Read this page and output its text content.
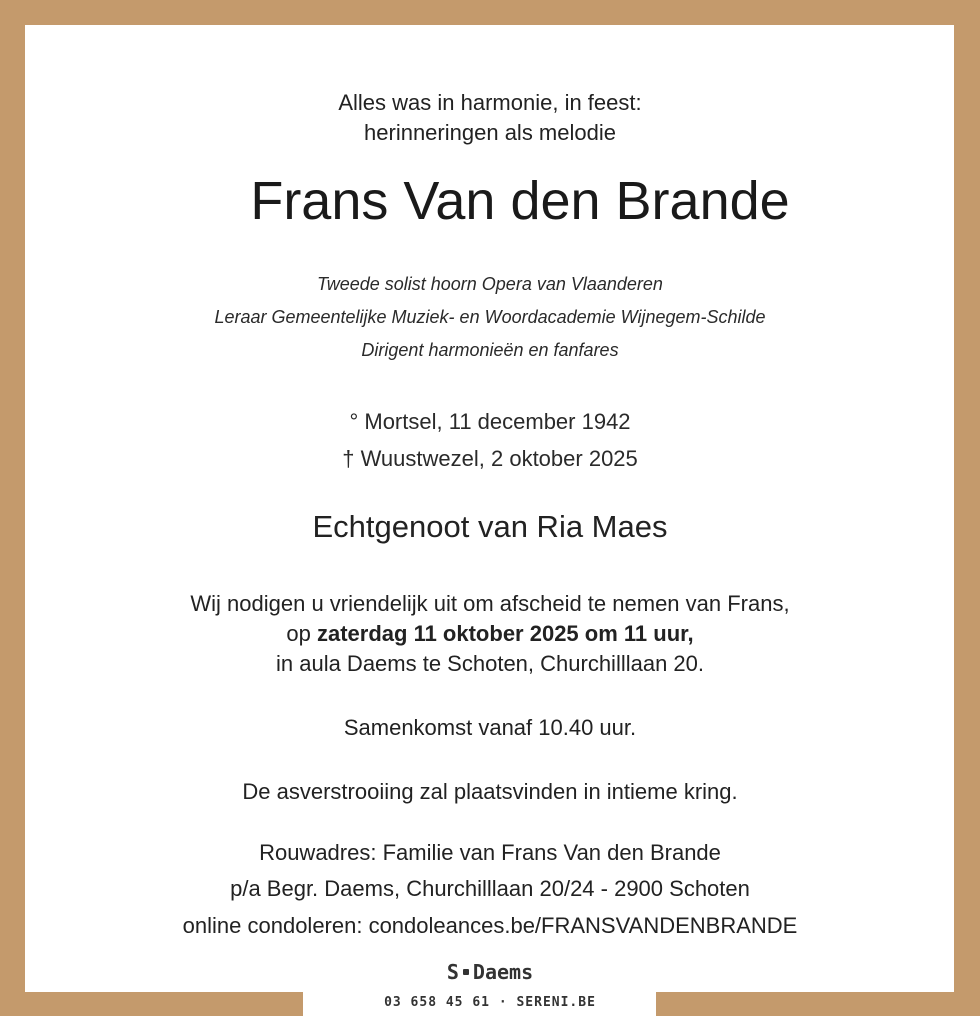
Alles was in harmonie, in feest:
herinneringen als melodie
Frans Van den Brande
Tweede solist hoorn Opera van Vlaanderen
Leraar Gemeentelijke Muziek- en Woordacademie Wijnegem-Schilde
Dirigent harmonieën en fanfares
° Mortsel, 11 december 1942
† Wuustwezel, 2 oktober 2025
Echtgenoot van Ria Maes
Wij nodigen u vriendelijk uit om afscheid te nemen van Frans,
op zaterdag 11 oktober 2025 om 11 uur,
in aula Daems te Schoten, Churchilllaan 20.
Samenkomst vanaf 10.40 uur.
De asverstrooiing zal plaatsvinden in intieme kring.
Rouwadres: Familie van Frans Van den Brande
p/a Begr. Daems, Churchilllaan 20/24 - 2900 Schoten
online condoleren: condoleances.be/FRANSVANDENBRANDE
S Daems
03 658 45 61 · SERENI.BE
